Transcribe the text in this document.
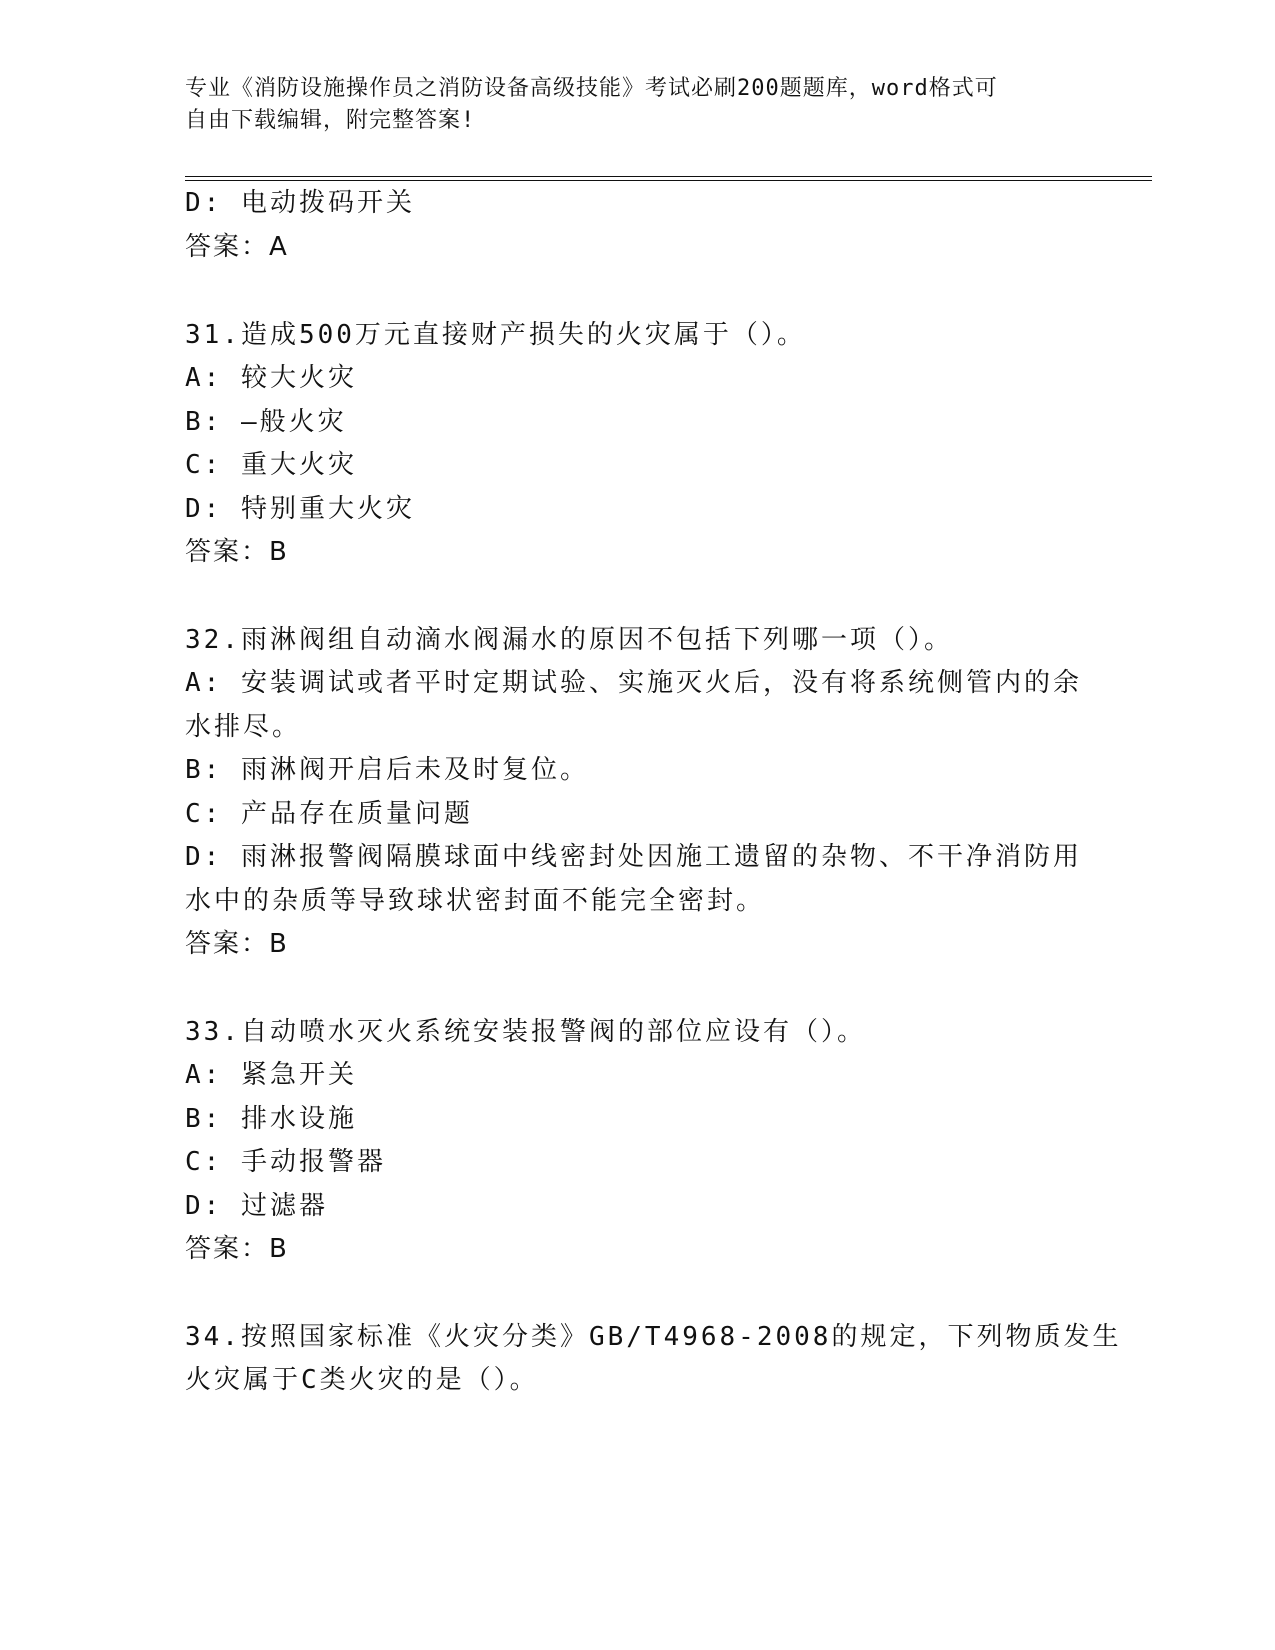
专业《消防设施操作员之消防设备高级技能》考试必刷200题题库，word格式可
自由下载编辑，附完整答案!
D: 电动拨码开关
答案：A
31.造成500万元直接财产损失的火灾属于（）。
A: 较大火灾
B: —般火灾
C: 重大火灾
D: 特别重大火灾
答案：B
32.雨淋阀组自动滴水阀漏水的原因不包括下列哪一项（）。
A: 安装调试或者平时定期试验、实施灭火后，没有将系统侧管内的余
水排尽。
B: 雨淋阀开启后未及时复位。
C: 产品存在质量问题
D: 雨淋报警阀隔膜球面中线密封处因施工遗留的杂物、不干净消防用
水中的杂质等导致球状密封面不能完全密封。
答案：B
33.自动喷水灭火系统安装报警阀的部位应设有（）。
A: 紧急开关
B: 排水设施
C: 手动报警器
D: 过滤器
答案：B
34.按照国家标准《火灾分类》GB/T4968-2008的规定，下列物质发生
火灾属于C类火灾的是（）。
